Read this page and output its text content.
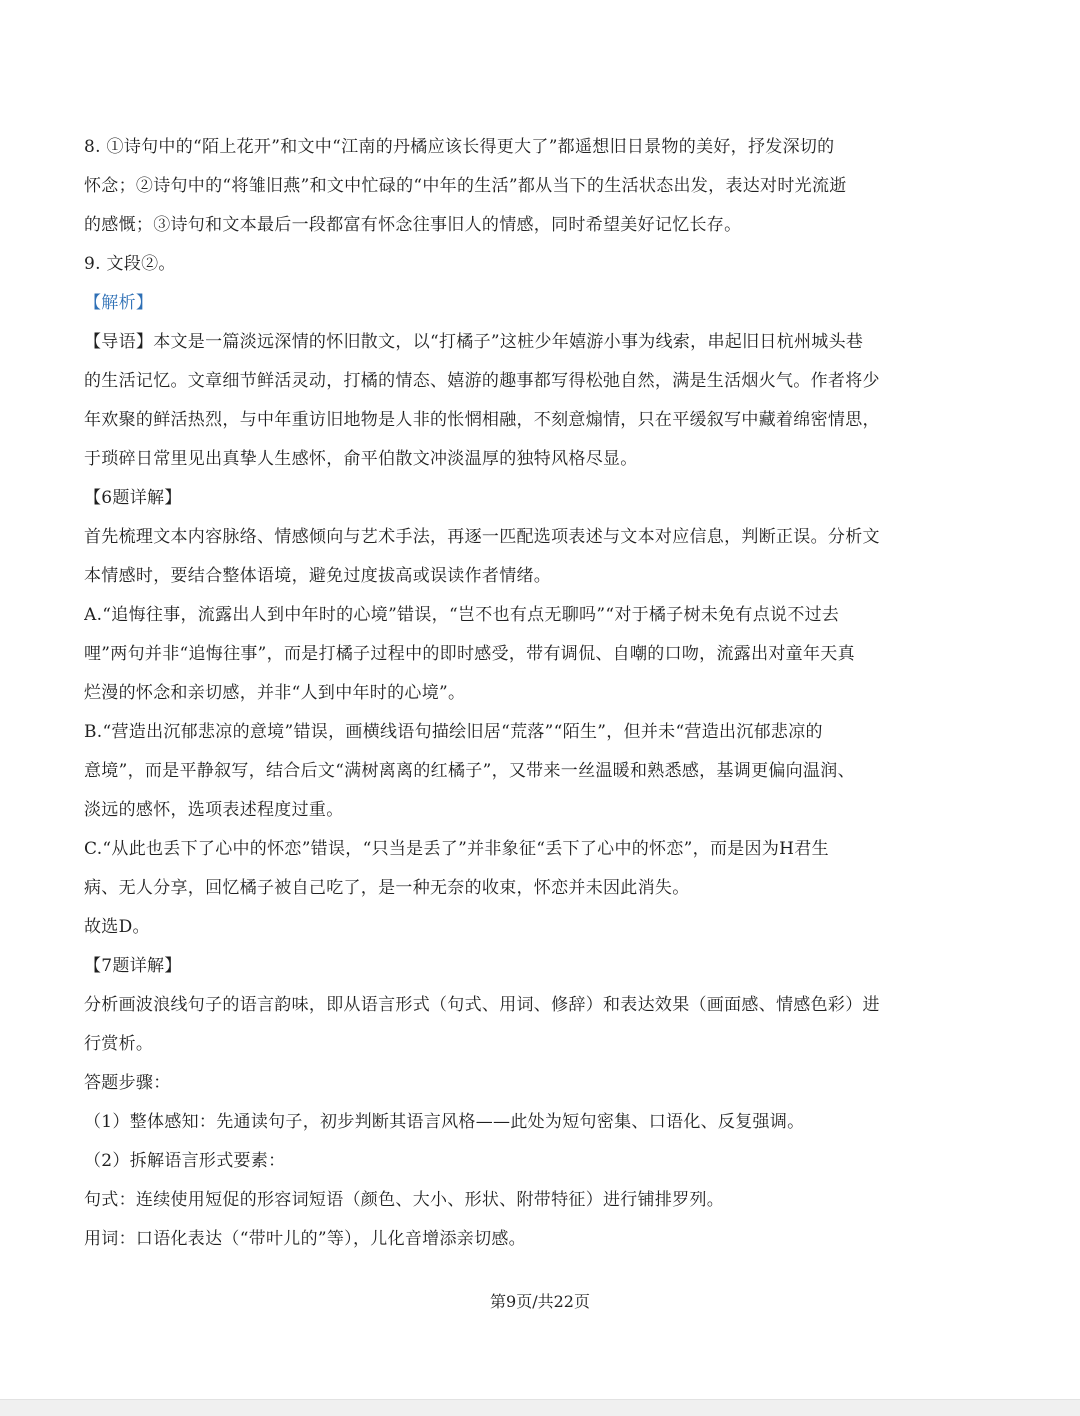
8. ①诗句中的“陌上花开”和文中“江南的丹橘应该长得更大了”都遥想旧日景物的美好，抒发深切的
怀念；②诗句中的“将雏旧燕”和文中忙碌的“中年的生活”都从当下的生活状态出发，表达对时光流逝
的感慨；③诗句和文本最后一段都富有怀念往事旧人的情感，同时希望美好记忆长存。
9. 文段②。
【解析】
【导语】本文是一篇淡远深情的怀旧散文，以“打橘子”这桩少年嬉游小事为线索，串起旧日杭州城头巷
的生活记忆。文章细节鲜活灵动，打橘的情态、嬉游的趣事都写得松弛自然，满是生活烟火气。作者将少
年欢聚的鲜活热烈，与中年重访旧地物是人非的怅惘相融，不刻意煽情，只在平缓叙写中藏着绵密情思，
于琐碎日常里见出真挚人生感怀，俞平伯散文冲淡温厚的独特风格尽显。
【6题详解】
首先梳理文本内容脉络、情感倾向与艺术手法，再逐一匹配选项表述与文本对应信息，判断正误。分析文
本情感时，要结合整体语境，避免过度拔高或误读作者情绪。
A.“追悔往事，流露出人到中年时的心境”错误，“岂不也有点无聊吗”“对于橘子树未免有点说不过去
哩”两句并非“追悔往事”，而是打橘子过程中的即时感受，带有调侃、自嘲的口吻，流露出对童年天真
烂漫的怀念和亲切感，并非“人到中年时的心境”。
B.“营造出沉郁悲凉的意境”错误，画横线语句描绘旧居“荒落”“陌生”，但并未“营造出沉郁悲凉的
意境”，而是平静叙写，结合后文“满树离离的红橘子”，又带来一丝温暖和熟悉感，基调更偏向温润、
淡远的感怀，选项表述程度过重。
C.“从此也丢下了心中的怀恋”错误，“只当是丢了”并非象征“丢下了心中的怀恋”，而是因为H君生
病、无人分享，回忆橘子被自己吃了，是一种无奈的收束，怀恋并未因此消失。
故选D。
【7题详解】
分析画波浪线句子的语言韵味，即从语言形式（句式、用词、修辞）和表达效果（画面感、情感色彩）进
行赏析。
答题步骤：
（1）整体感知：先通读句子，初步判断其语言风格——此处为短句密集、口语化、反复强调。
（2）拆解语言形式要素：
句式：连续使用短促的形容词短语（颜色、大小、形状、附带特征）进行铺排罗列。
用词：口语化表达（“带叶儿的”等），儿化音增添亲切感。
第9页/共22页
